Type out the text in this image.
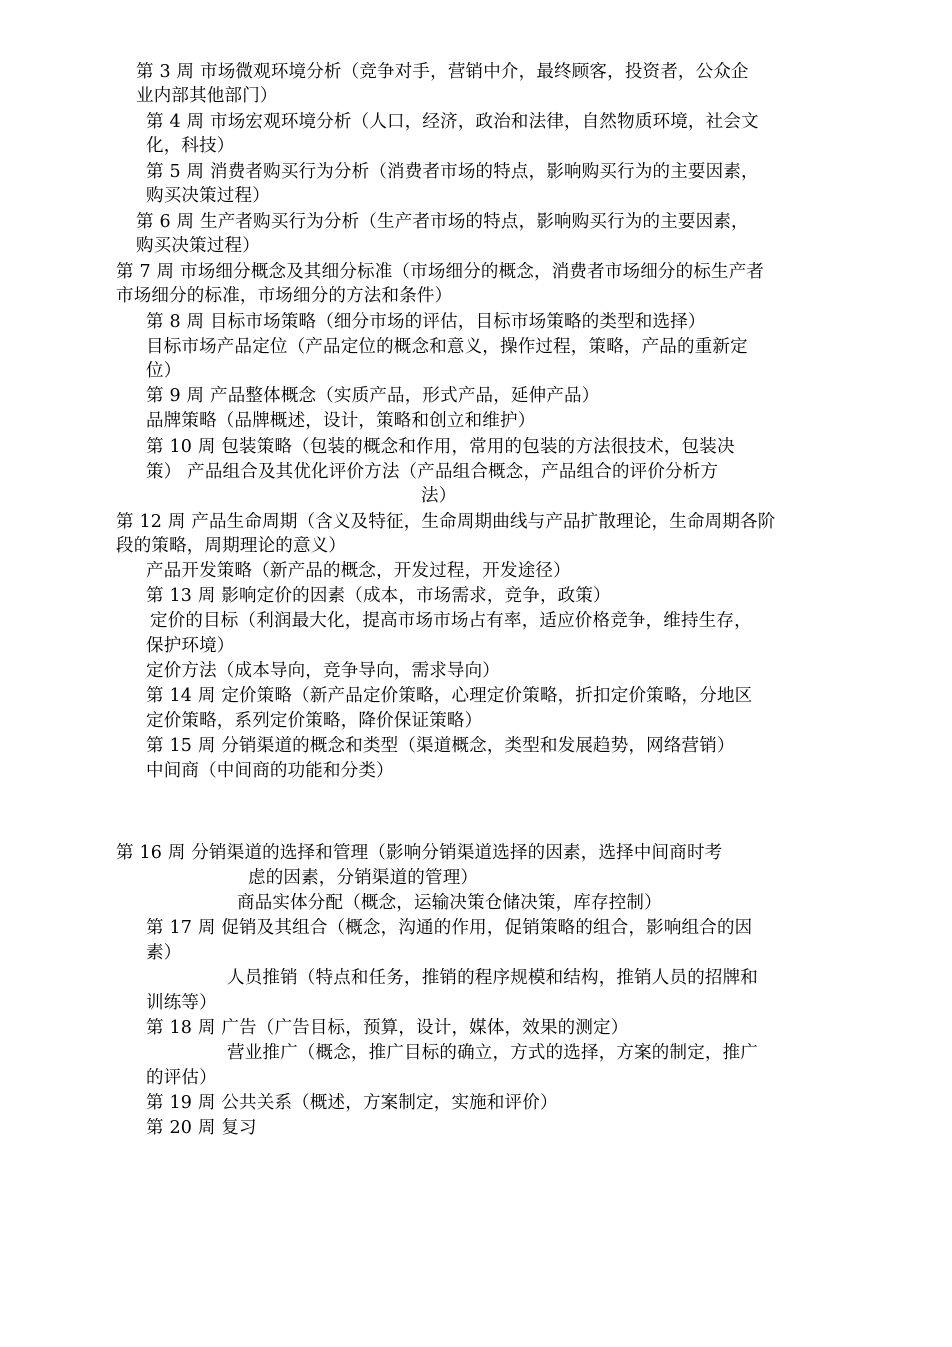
第 3 周 市场微观环境分析（竞争对手，营销中介，最终顾客，投资者，公众企
业内部其他部门）
第 4 周 市场宏观环境分析（人口，经济，政治和法律，自然物质环境，社会文
化，科技）
第 5 周 消费者购买行为分析（消费者市场的特点，影响购买行为的主要因素，
购买决策过程）
第 6 周 生产者购买行为分析（生产者市场的特点，影响购买行为的主要因素，
购买决策过程）
第 7 周 市场细分概念及其细分标准（市场细分的概念，消费者市场细分的标生产者
市场细分的标准，市场细分的方法和条件）
第 8 周 目标市场策略（细分市场的评估，目标市场策略的类型和选择）
目标市场产品定位（产品定位的概念和意义，操作过程，策略，产品的重新定
位）
第 9 周 产品整体概念（实质产品，形式产品，延伸产品）
品牌策略（品牌概述，设计，策略和创立和维护）
第 10 周 包装策略（包装的概念和作用，常用的包装的方法很技术，包装决
策） 产品组合及其优化评价方法（产品组合概念，产品组合的评价分析方
法）
第 12 周 产品生命周期（含义及特征，生命周期曲线与产品扩散理论，生命周期各阶
段的策略，周期理论的意义）
产品开发策略（新产品的概念，开发过程，开发途径）
第 13 周 影响定价的因素（成本，市场需求，竞争，政策）
定价的目标（利润最大化，提高市场市场占有率，适应价格竞争，维持生存，
保护环境）
定价方法（成本导向，竞争导向，需求导向）
第 14 周 定价策略（新产品定价策略，心理定价策略，折扣定价策略，分地区
定价策略，系列定价策略，降价保证策略）
第 15 周 分销渠道的概念和类型（渠道概念，类型和发展趋势，网络营销）
中间商（中间商的功能和分类）
第 16 周 分销渠道的选择和管理（影响分销渠道选择的因素，选择中间商时考
虑的因素，分销渠道的管理）
商品实体分配（概念，运输决策仓储决策，库存控制）
第 17 周 促销及其组合（概念，沟通的作用，促销策略的组合，影响组合的因
素）
人员推销（特点和任务，推销的程序规模和结构，推销人员的招牌和
训练等）
第 18 周 广告（广告目标，预算，设计，媒体，效果的测定）
营业推广（概念，推广目标的确立，方式的选择，方案的制定，推广
的评估）
第 19 周 公共关系（概述，方案制定，实施和评价）
第 20 周 复习
